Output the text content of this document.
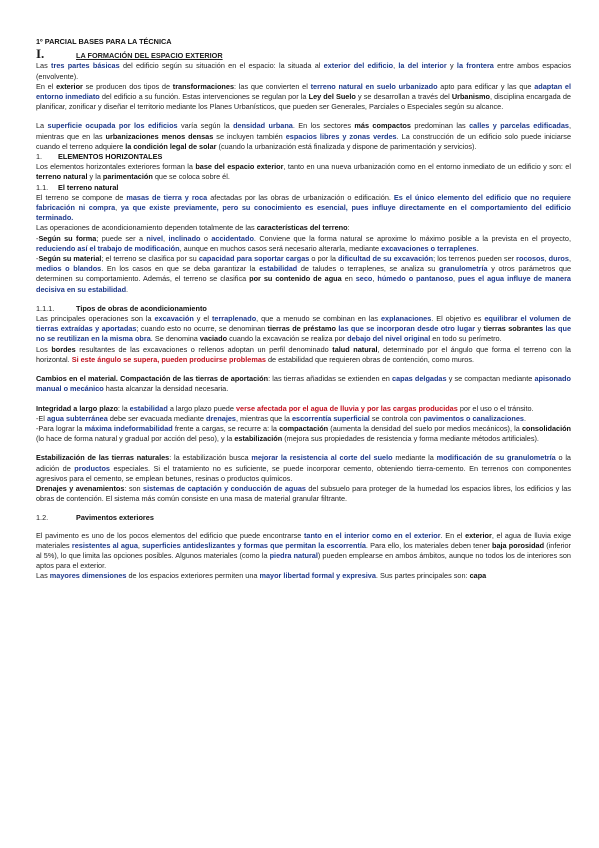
1º PARCIAL BASES PARA LA TÉCNICA
I.	LA FORMACIÓN DEL ESPACIO EXTERIOR

Las tres partes básicas del edificio según su situación en el espacio: la situada al exterior del edificio, la del interior y la frontera entre ambos espacios (envolvente).

En el exterior se producen dos tipos de transformaciones: las que convierten el terreno natural en suelo urbanizado apto para edificar y las que adaptan el entorno inmediato del edificio a su función. Estas intervenciones se regulan por la Ley del Suelo y se desarrollan a través del Urbanismo, disciplina encargada de planificar, zonificar y diseñar el territorio mediante los Planes Urbanísticos, que pueden ser Generales, Parciales o Especiales según su alcance.

La superficie ocupada por los edificios varía según la densidad urbana. En los sectores más compactos predominan las calles y parcelas edificadas, mientras que en las urbanizaciones menos densas se incluyen también espacios libres y zonas verdes. La construcción de un edificio solo puede iniciarse cuando el terreno adquiere la condición legal de solar (cuando la urbanización está finalizada y dispone de parimentación y servicios).

1.	ELEMENTOS HORIZONTALES

Los elementos horizontales exteriores forman la base del espacio exterior, tanto en una nueva urbanización como en el entorno inmediato de un edificio y son: el terreno natural y la parimentación que se coloca sobre él.

1.1.	El terreno natural

El terreno se compone de masas de tierra y roca afectadas por las obras de urbanización o edificación. Es el único elemento del edificio que no requiere fabricación ni compra, ya que existe previamente, pero su conocimiento es esencial, pues influye directamente en el comportamiento del edificio terminado.

Las operaciones de acondicionamiento dependen totalmente de las características del terreno:

-Según su forma; puede ser a nivel, inclinado o accidentado. Conviene que la forma natural se aproxime lo máximo posible a la prevista en el proyecto, reduciendo así el trabajo de modificación, aunque en muchos casos será necesario alterarla, mediante excavaciones o terraplenes.

-Según su material; el terreno se clasifica por su capacidad para soportar cargas o por la dificultad de su excavación; los terrenos pueden ser rocosos, duros, medios o blandos. En los casos en que se deba garantizar la estabilidad de taludes o terraplenes, se analiza su granulometría y otros parámetros que determinen su comportamiento. Además, el terreno se clasifica por su contenido de agua en seco, húmedo o pantanoso, pues el agua influye de manera decisiva en su estabilidad.

1.1.1.	Tipos de obras de acondicionamiento

Las principales operaciones son la excavación y el terraplenado, que a menudo se combinan en las explanaciones. El objetivo es equilibrar el volumen de tierras extraídas y aportadas; cuando esto no ocurre, se denominan tierras de préstamo las que se incorporan desde otro lugar y tierras sobrantes las que no se reutilizan en la misma obra. Se denomina vaciado cuando la excavación se realiza por debajo del nivel original en todo su perímetro.

Los bordes resultantes de las excavaciones o rellenos adoptan un perfil denominado talud natural, determinado por el ángulo que forma el terreno con la horizontal. Si este ángulo se supera, pueden producirse problemas de estabilidad que requieren obras de contención, como muros.

Cambios en el material. Compactación de las tierras de aportación: las tierras añadidas se extienden en capas delgadas y se compactan mediante apisonado manual o mecánico hasta alcanzar la densidad necesaria.

Integridad a largo plazo: la estabilidad a largo plazo puede verse afectada por el agua de lluvia y por las cargas producidas por el uso o el tránsito.

-El agua subterránea debe ser evacuada mediante drenajes, mientras que la escorrentía superficial se controla con pavimentos o canalizaciones.

-Para lograr la máxima indeformabilidad frente a cargas, se recurre a: la compactación (aumenta la densidad del suelo por medios mecánicos), la consolidación (lo hace de forma natural y gradual por acción del peso), y la estabilización (mejora sus propiedades de resistencia y forma mediante métodos artificiales).

Estabilización de las tierras naturales: la estabilización busca mejorar la resistencia al corte del suelo mediante la modificación de su granulometría o la adición de productos especiales. Si el tratamiento no es suficiente, se puede incorporar cemento, obteniendo tierra-cemento. En terrenos con componentes agresivos para el cemento, se emplean betunes, resinas o productos químicos.

Drenajes y avenamientos: son sistemas de captación y conducción de aguas del subsuelo para proteger de la humedad los espacios libres, los edificios y las obras de contención. El sistema más común consiste en una masa de material granular filtrante.

1.2.	Pavimentos exteriores

El pavimento es uno de los pocos elementos del edificio que puede encontrarse tanto en el interior como en el exterior. En el exterior, el agua de lluvia exige materiales resistentes al agua, superficies antideslizantes y formas que permitan la escorrentía. Para ello, los materiales deben tener baja porosidad (inferior al 5%), lo que limita las opciones posibles. Algunos materiales (como la piedra natural) pueden emplearse en ambos ámbitos, aunque no todos los de interiores son aptos para el exterior.

Las mayores dimensiones de los espacios exteriores permiten una mayor libertad formal y expresiva. Sus partes principales son: capa
